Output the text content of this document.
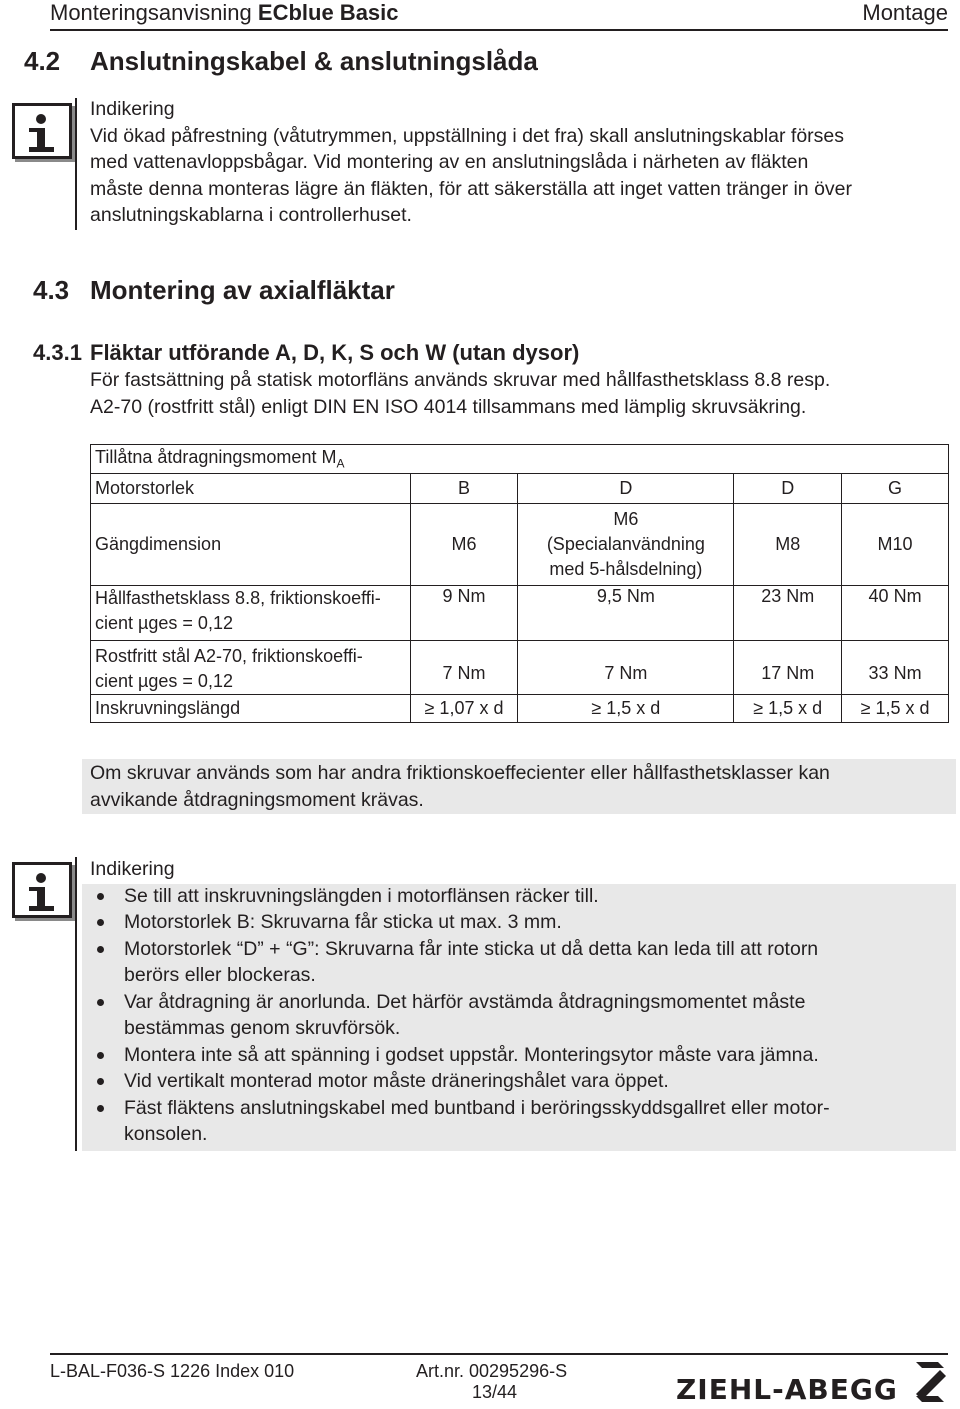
Monteringsanvisning ECblue Basic	Montage
4.2 Anslutningskabel & anslutningslåda
Indikering
Vid ökad påfrestning (våtutrymmen, uppställning i det fra) skall anslutningskablar förses
med vattenavloppsbågar. Vid montering av en anslutningslåda i närheten av fläkten
måste denna monteras lägre än fläkten, för att säkerställa att inget vatten tränger in över
anslutningskablarna i controllerhuset.
4.3 Montering av axialfläktar
4.3.1 Fläktar utförande A, D, K, S och W (utan dysor)
För fastsättning på statisk motorfläns används skruvar med hållfasthetsklass 8.8 resp.
A2-70 (rostfritt stål) enligt DIN EN ISO 4014 tillsammans med lämplig skruvsäkring.
Tillåtna åtdragningsmoment $M_A$
Motorstorlek	B	D	D	G
Gängdimension	M6	M6
(Specialanvändning
med 5-hålsdelning)	M8	M10

Hållfasthetsklass 8.8, friktionskoeffi-
cient µges = 0,12	9 Nm	9,5 Nm	23 Nm	40 Nm

Rostfritt stål A2-70, friktionskoeffi-
cient µges = 0,12	7 Nm	7 Nm	17 Nm	33 Nm
Inskruvningslängd	≥ 1,07 x d	≥ 1,5 x d	≥ 1,5 x d	≥ 1,5 x d
Om skruvar används som har andra friktionskoeffecienter eller hållfasthetsklasser kan
avvikande åtdragningsmoment krävas.
Indikering
Se till att inskruvningslängden i motorflänsen räcker till.
Motorstorlek B: Skruvarna får sticka ut max. 3 mm.
Motorstorlek “D” + “G”: Skruvarna får inte sticka ut då detta kan leda till att rotorn
berörs eller blockeras.
Var åtdragning är anorlunda. Det härför avstämda åtdragningsmomentet måste
bestämmas genom skruvförsök.
Montera inte så att spänning i godset uppstår. Monteringsytor måste vara jämna.
Vid vertikalt monterad motor måste dräneringshålet vara öppet.
Fäst fläktens anslutningskabel med buntband i beröringsskyddsgallret eller motor-
konsolen.
L-BAL-F036-S 1226 Index 010	Art.nr. 00295296-S
13/44	ZIEHL-ABEGG
